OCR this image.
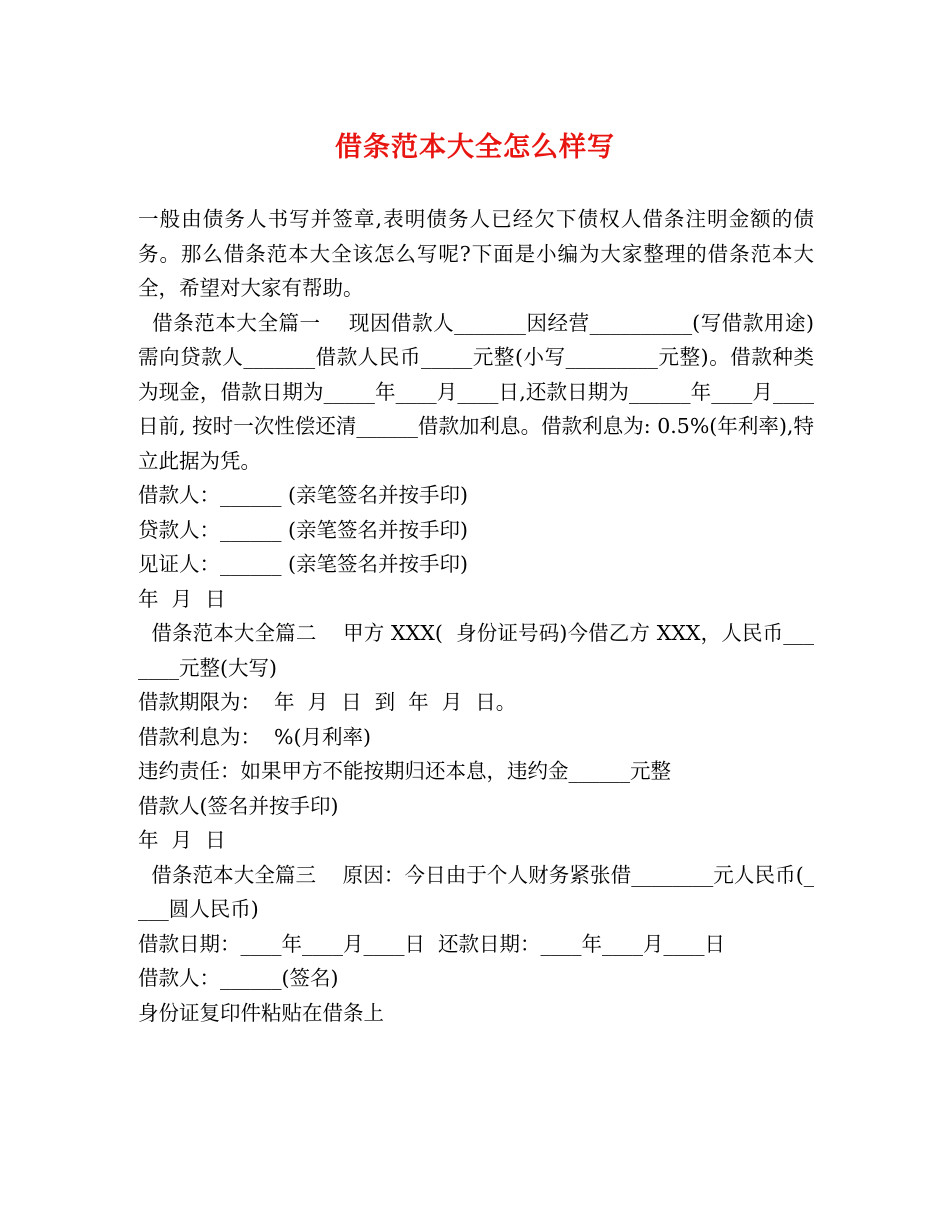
借条范本大全怎么样写

一般由债务人书写并签章,表明债务人已经欠下债权人借条注明金额的债务。那么借条范本大全该怎么写呢?下面是小编为大家整理的借条范本大全，希望对大家有帮助。

借条范本大全篇一    现因借款人_______因经营__________(写借款用途)需向贷款人_______借款人民币_____元整(小写_________元整)。借款种类为现金，借款日期为_____年____月____日,还款日期为______年____月____日前, 按时一次性偿还清______借款加利息。借款利息为: 0.5%(年利率),特立此据为凭。

借款人：______ (亲笔签名并按手印)

贷款人：______ (亲笔签名并按手印)

见证人：______ (亲笔签名并按手印)

年  月  日

借条范本大全篇二    甲方 XXX(  身份证号码)今借乙方 XXX，人民币_______元整(大写)

借款期限为：  年  月  日  到  年  月  日。

借款利息为：  %(月利率)

违约责任：如果甲方不能按期归还本息，违约金______元整

借款人(签名并按手印)

年  月  日

借条范本大全篇三    原因：今日由于个人财务紧张借________元人民币(____圆人民币)

借款日期：____年____月____日  还款日期：____年____月____日

借款人：______(签名)

身份证复印件粘贴在借条上
